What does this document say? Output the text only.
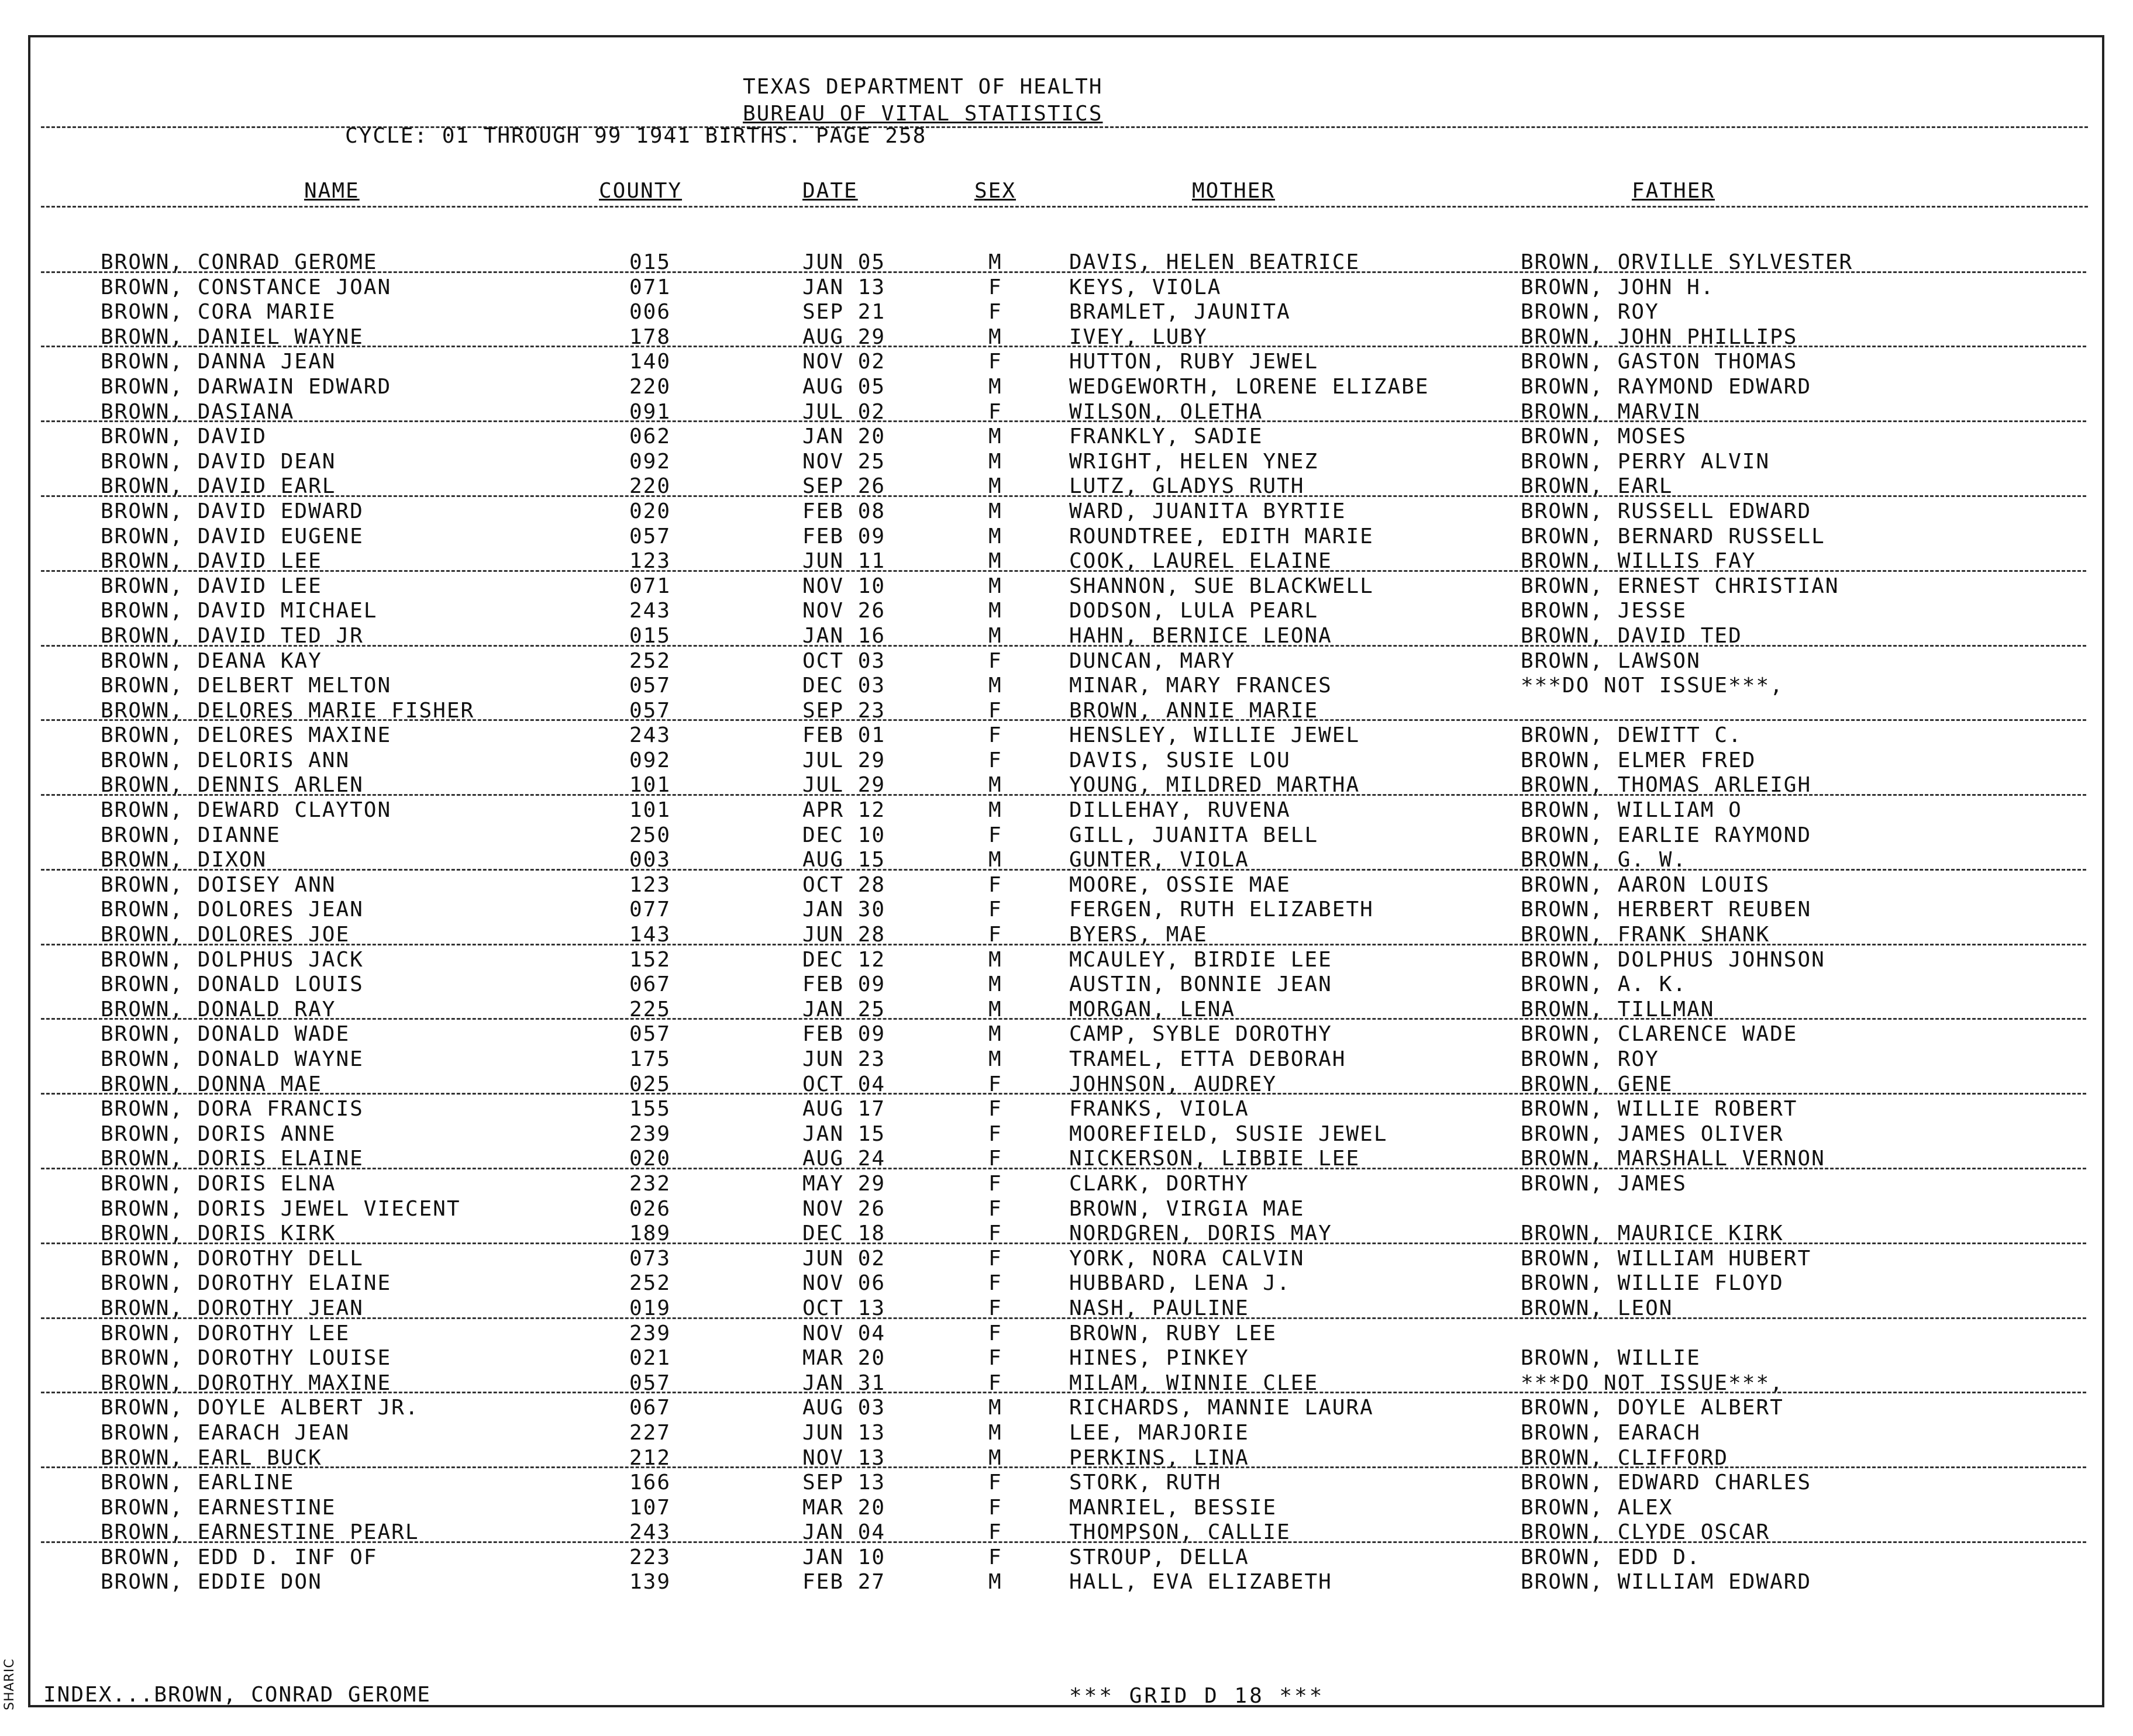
SHARIC
TEXAS DEPARTMENT OF HEALTH
BUREAU OF VITAL STATISTICS
CYCLE: 01 THROUGH 99 1941 BIRTHS. PAGE 258
NAME	COUNTY	DATE	SEX	MOTHER	FATHER
BROWN, CONRAD GEROME	015	JUN 05	M	DAVIS, HELEN BEATRICE	BROWN, ORVILLE SYLVESTER
BROWN, CONSTANCE JOAN	071	JAN 13	F	KEYS, VIOLA	BROWN, JOHN H.
BROWN, CORA MARIE	006	SEP 21	F	BRAMLET, JAUNITA	BROWN, ROY
BROWN, DANIEL WAYNE	178	AUG 29	M	IVEY, LUBY	BROWN, JOHN PHILLIPS
BROWN, DANNA JEAN	140	NOV 02	F	HUTTON, RUBY JEWEL	BROWN, GASTON THOMAS
BROWN, DARWAIN EDWARD	220	AUG 05	M	WEDGEWORTH, LORENE ELIZABE	BROWN, RAYMOND EDWARD
BROWN, DASIANA	091	JUL 02	F	WILSON, OLETHA	BROWN, MARVIN
BROWN, DAVID	062	JAN 20	M	FRANKLY, SADIE	BROWN, MOSES
BROWN, DAVID DEAN	092	NOV 25	M	WRIGHT, HELEN YNEZ	BROWN, PERRY ALVIN
BROWN, DAVID EARL	220	SEP 26	M	LUTZ, GLADYS RUTH	BROWN, EARL
BROWN, DAVID EDWARD	020	FEB 08	M	WARD, JUANITA BYRTIE	BROWN, RUSSELL EDWARD
BROWN, DAVID EUGENE	057	FEB 09	M	ROUNDTREE, EDITH MARIE	BROWN, BERNARD RUSSELL
BROWN, DAVID LEE	123	JUN 11	M	COOK, LAUREL ELAINE	BROWN, WILLIS FAY
BROWN, DAVID LEE	071	NOV 10	M	SHANNON, SUE BLACKWELL	BROWN, ERNEST CHRISTIAN
BROWN, DAVID MICHAEL	243	NOV 26	M	DODSON, LULA PEARL	BROWN, JESSE
BROWN, DAVID TED JR	015	JAN 16	M	HAHN, BERNICE LEONA	BROWN, DAVID TED
BROWN, DEANA KAY	252	OCT 03	F	DUNCAN, MARY	BROWN, LAWSON
BROWN, DELBERT MELTON	057	DEC 03	M	MINAR, MARY FRANCES	***DO NOT ISSUE***,
BROWN, DELORES MARIE FISHER	057	SEP 23	F	BROWN, ANNIE MARIE
BROWN, DELORES MAXINE	243	FEB 01	F	HENSLEY, WILLIE JEWEL	BROWN, DEWITT C.
BROWN, DELORIS ANN	092	JUL 29	F	DAVIS, SUSIE LOU	BROWN, ELMER FRED
BROWN, DENNIS ARLEN	101	JUL 29	M	YOUNG, MILDRED MARTHA	BROWN, THOMAS ARLEIGH
BROWN, DEWARD CLAYTON	101	APR 12	M	DILLEHAY, RUVENA	BROWN, WILLIAM O
BROWN, DIANNE	250	DEC 10	F	GILL, JUANITA BELL	BROWN, EARLIE RAYMOND
BROWN, DIXON	003	AUG 15	M	GUNTER, VIOLA	BROWN, G. W.
BROWN, DOISEY ANN	123	OCT 28	F	MOORE, OSSIE MAE	BROWN, AARON LOUIS
BROWN, DOLORES JEAN	077	JAN 30	F	FERGEN, RUTH ELIZABETH	BROWN, HERBERT REUBEN
BROWN, DOLORES JOE	143	JUN 28	F	BYERS, MAE	BROWN, FRANK SHANK
BROWN, DOLPHUS JACK	152	DEC 12	M	MCAULEY, BIRDIE LEE	BROWN, DOLPHUS JOHNSON
BROWN, DONALD LOUIS	067	FEB 09	M	AUSTIN, BONNIE JEAN	BROWN, A. K.
BROWN, DONALD RAY	225	JAN 25	M	MORGAN, LENA	BROWN, TILLMAN
BROWN, DONALD WADE	057	FEB 09	M	CAMP, SYBLE DOROTHY	BROWN, CLARENCE WADE
BROWN, DONALD WAYNE	175	JUN 23	M	TRAMEL, ETTA DEBORAH	BROWN, ROY
BROWN, DONNA MAE	025	OCT 04	F	JOHNSON, AUDREY	BROWN, GENE
BROWN, DORA FRANCIS	155	AUG 17	F	FRANKS, VIOLA	BROWN, WILLIE ROBERT
BROWN, DORIS ANNE	239	JAN 15	F	MOOREFIELD, SUSIE JEWEL	BROWN, JAMES OLIVER
BROWN, DORIS ELAINE	020	AUG 24	F	NICKERSON, LIBBIE LEE	BROWN, MARSHALL VERNON
BROWN, DORIS ELNA	232	MAY 29	F	CLARK, DORTHY	BROWN, JAMES
BROWN, DORIS JEWEL VIECENT	026	NOV 26	F	BROWN, VIRGIA MAE
BROWN, DORIS KIRK	189	DEC 18	F	NORDGREN, DORIS MAY	BROWN, MAURICE KIRK
BROWN, DOROTHY DELL	073	JUN 02	F	YORK, NORA CALVIN	BROWN, WILLIAM HUBERT
BROWN, DOROTHY ELAINE	252	NOV 06	F	HUBBARD, LENA J.	BROWN, WILLIE FLOYD
BROWN, DOROTHY JEAN	019	OCT 13	F	NASH, PAULINE	BROWN, LEON
BROWN, DOROTHY LEE	239	NOV 04	F	BROWN, RUBY LEE
BROWN, DOROTHY LOUISE	021	MAR 20	F	HINES, PINKEY	BROWN, WILLIE
BROWN, DOROTHY MAXINE	057	JAN 31	F	MILAM, WINNIE CLEE	***DO NOT ISSUE***,
BROWN, DOYLE ALBERT JR.	067	AUG 03	M	RICHARDS, MANNIE LAURA	BROWN, DOYLE ALBERT
BROWN, EARACH JEAN	227	JUN 13	M	LEE, MARJORIE	BROWN, EARACH
BROWN, EARL BUCK	212	NOV 13	M	PERKINS, LINA	BROWN, CLIFFORD
BROWN, EARLINE	166	SEP 13	F	STORK, RUTH	BROWN, EDWARD CHARLES
BROWN, EARNESTINE	107	MAR 20	F	MANRIEL, BESSIE	BROWN, ALEX
BROWN, EARNESTINE PEARL	243	JAN 04	F	THOMPSON, CALLIE	BROWN, CLYDE OSCAR
BROWN, EDD D. INF OF	223	JAN 10	F	STROUP, DELLA	BROWN, EDD D.
BROWN, EDDIE DON	139	FEB 27	M	HALL, EVA ELIZABETH	BROWN, WILLIAM EDWARD
INDEX...BROWN, CONRAD GEROME	*** GRID D 18 ***
